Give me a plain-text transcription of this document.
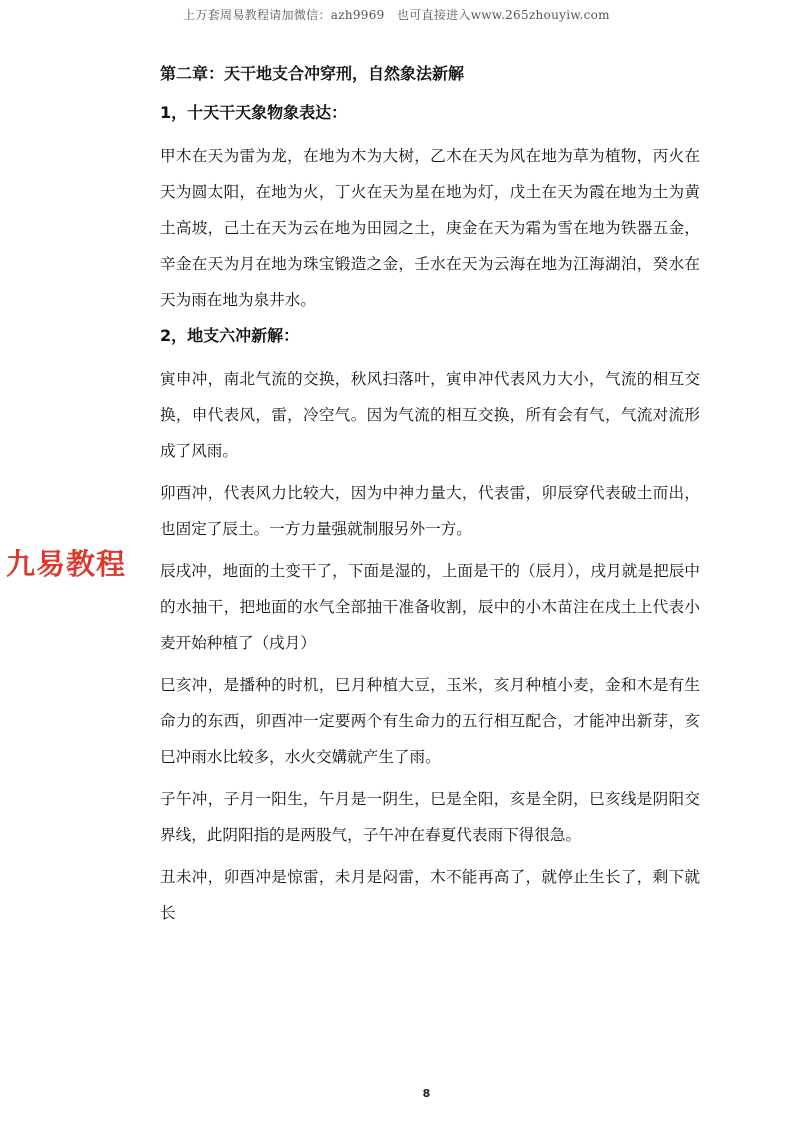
上万套周易教程请加微信：azh9969　也可直接进入www.265zhouyiw.com
九易教程

第二章：天干地支合冲穿刑，自然象法新解

1，十天干天象物象表达：

甲木在天为雷为龙，在地为木为大树，乙木在天为风在地为草为植物，丙火在天为圆太阳，在地为火，丁火在天为星在地为灯，戊土在天为霞在地为土为黄土高坡，己土在天为云在地为田园之土，庚金在天为霜为雪在地为铁器五金，辛金在天为月在地为珠宝锻造之金，壬水在天为云海在地为江海湖泊，癸水在天为雨在地为泉井水。

2，地支六冲新解：

寅申冲，南北气流的交换，秋风扫落叶，寅申冲代表风力大小，气流的相互交换，申代表风，雷，冷空气。因为气流的相互交换，所有会有气，气流对流形成了风雨。

卯酉冲，代表风力比较大，因为中神力量大，代表雷，卯辰穿代表破土而出，也固定了辰土。一方力量强就制服另外一方。

辰戌冲，地面的土变干了，下面是湿的，上面是干的（辰月），戌月就是把辰中的水抽干，把地面的水气全部抽干准备收割，辰中的小木苗注在戌土上代表小麦开始种植了（戌月）

巳亥冲，是播种的时机，巳月种植大豆，玉米，亥月种植小麦，金和木是有生命力的东西，卯酉冲一定要两个有生命力的五行相互配合，才能冲出新芽，亥巳冲雨水比较多，水火交媾就产生了雨。

子午冲，子月一阳生，午月是一阴生，巳是全阳，亥是全阴，巳亥线是阴阳交界线，此阴阳指的是两股气，子午冲在春夏代表雨下得很急。

丑未冲，卯酉冲是惊雷，未月是闷雷，木不能再高了，就停止生长了，剩下就长

8
